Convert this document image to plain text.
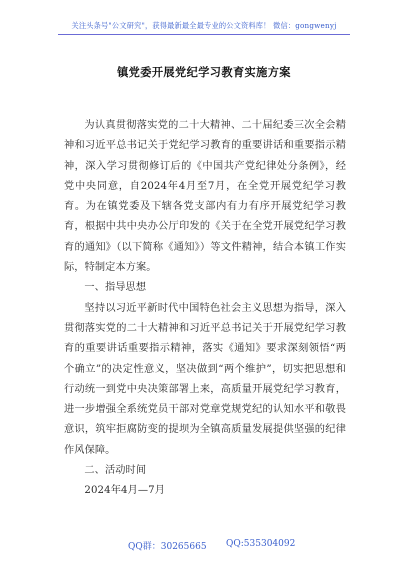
关注头条号"公文研究"，获得最新最全最专业的公文资料库！ 微信：gongwenyj
镇党委开展党纪学习教育实施方案

为认真贯彻落实党的二十大精神、二十届纪委三次全会精神和习近平总书记关于党纪学习教育的重要讲话和重要指示精神，深入学习贯彻修订后的《中国共产党纪律处分条例》，经党中央同意，自2024年4月至7月，在全党开展党纪学习教育。为在镇党委及下辖各党支部内有力有序开展党纪学习教育，根据中共中央办公厅印发的《关于在全党开展党纪学习教育的通知》（以下简称《通知》）等文件精神，结合本镇工作实际，特制定本方案。

一、指导思想

坚持以习近平新时代中国特色社会主义思想为指导，深入贯彻落实党的二十大精神和习近平总书记关于开展党纪学习教育的重要讲话重要指示精神，落实《通知》要求深刻领悟“两个确立”的决定性意义，坚决做到“两个维护”，切实把思想和行动统一到党中央决策部署上来，高质量开展党纪学习教育，进一步增强全系统党员干部对党章党规党纪的认知水平和敬畏意识，筑牢拒腐防变的提坝为全镇高质量发展提供坚强的纪律作风保障。

二、活动时间

2024年4月—7月

QQ群：30265665 QQ:535304092
